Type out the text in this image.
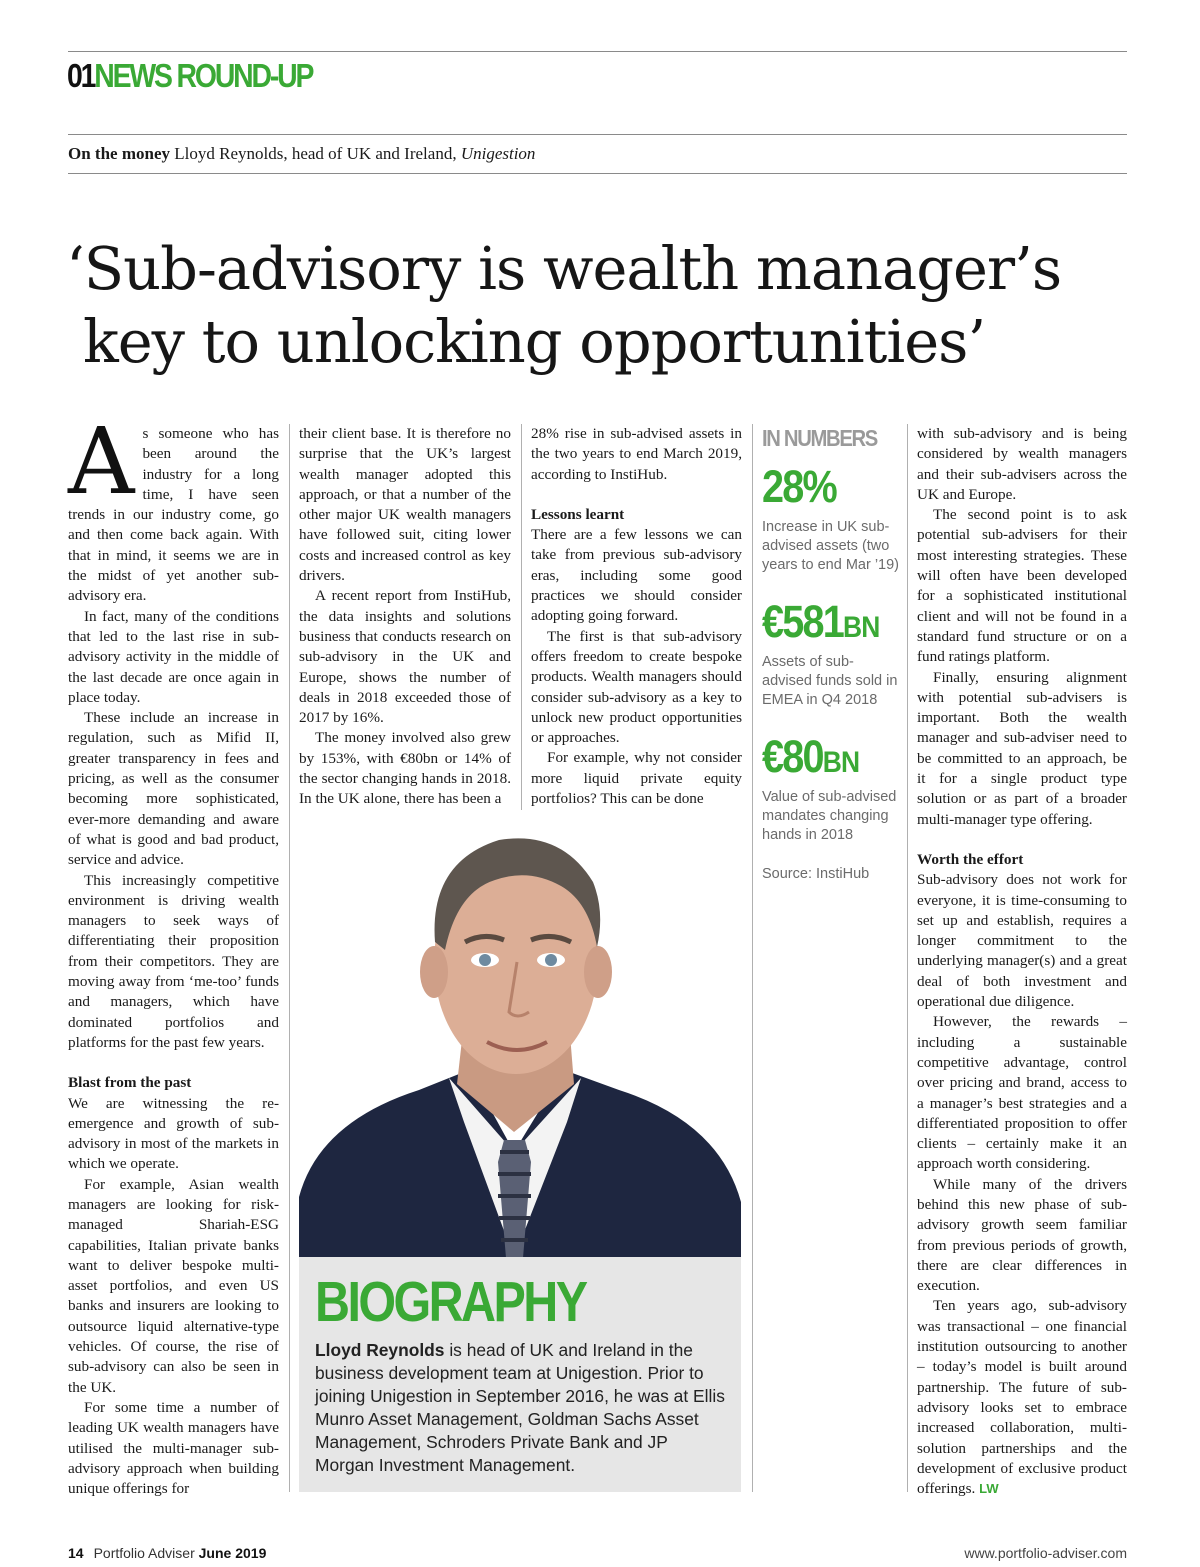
01NEWS ROUND-UP
On the money Lloyd Reynolds, head of UK and Ireland, Unigestion
‘Sub-advisory is wealth manager’s
key to unlocking opportunities’

As someone who has been around the industry for a long time, I have seen trends in our industry come, go and then come back again. With that in mind, it seems we are in the midst of yet another sub-advisory era.

In fact, many of the conditions that led to the last rise in sub-advisory activity in the middle of the last decade are once again in place today.

These include an increase in regulation, such as Mifid II, greater transparency in fees and pricing, as well as the consumer becoming more sophisticated, ever-more demanding and aware of what is good and bad product, service and advice.

This increasingly competitive environment is driving wealth managers to seek ways of differentiating their proposition from their competitors. They are moving away from ‘me-too’ funds and managers, which have dominated portfolios and platforms for the past few years.

Blast from the past

We are witnessing the re-emergence and growth of sub-advisory in most of the markets in which we operate.

For example, Asian wealth managers are looking for risk-managed Shariah-ESG capabilities, Italian private banks want to deliver bespoke multi-asset portfolios, and even US banks and insurers are looking to outsource liquid alternative-type vehicles. Of course, the rise of sub-advisory can also be seen in the UK.

For some time a number of leading UK wealth managers have utilised the multi-manager sub-advisory approach when building unique offerings for

their client base. It is therefore no surprise that the UK’s largest wealth manager adopted this approach, or that a number of the other major UK wealth managers have followed suit, citing lower costs and increased control as key drivers.

A recent report from InstiHub, the data insights and solutions business that conducts research on sub-advisory in the UK and Europe, shows the number of deals in 2018 exceeded those of 2017 by 16%.

The money involved also grew by 153%, with €80bn or 14% of the sector changing hands in 2018. In the UK alone, there has been a

28% rise in sub-advised assets in the two years to end March 2019, according to InstiHub.

Lessons learnt

There are a few lessons we can take from previous sub-advisory eras, including some good practices we should consider adopting going forward.

The first is that sub-advisory offers freedom to create bespoke products. Wealth managers should consider sub-advisory as a key to unlock new product opportunities or approaches.

For example, why not consider more liquid private equity portfolios? This can be done

IN NUMBERS
28%
Increase in UK sub-advised assets (two years to end Mar ’19)
€581BN
Assets of sub-advised funds sold in EMEA in Q4 2018
€80BN
Value of sub-advised mandates changing hands in 2018
Source: InstiHub

with sub-advisory and is being considered by wealth managers and their sub-advisers across the UK and Europe.

The second point is to ask potential sub-advisers for their most interesting strategies. These will often have been developed for a sophisticated institutional client and will not be found in a standard fund structure or on a fund ratings platform.

Finally, ensuring alignment with potential sub-advisers is important. Both the wealth manager and sub-adviser need to be committed to an approach, be it for a single product type solution or as part of a broader multi-manager type offering.

Worth the effort

Sub-advisory does not work for everyone, it is time-consuming to set up and establish, requires a longer commitment to the underlying manager(s) and a great deal of both investment and operational due diligence.

However, the rewards – including a sustainable competitive advantage, control over pricing and brand, access to a manager’s best strategies and a differentiated proposition to offer clients – certainly make it an approach worth considering.

While many of the drivers behind this new phase of sub-advisory growth seem familiar from previous periods of growth, there are clear differences in execution.

Ten years ago, sub-advisory was transactional – one financial institution outsourcing to another – today’s model is built around partnership. The future of sub-advisory looks set to embrace increased collaboration, multi-solution partnerships and the development of exclusive product offerings. LW

BIOGRAPHY
Lloyd Reynolds is head of UK and Ireland in the business development team at Unigestion. Prior to joining Unigestion in September 2016, he was at Ellis Munro Asset Management, Goldman Sachs Asset Management, Schroders Private Bank and JP Morgan Investment Management.
14 Portfolio Adviser June 2019	www.portfolio-adviser.com
